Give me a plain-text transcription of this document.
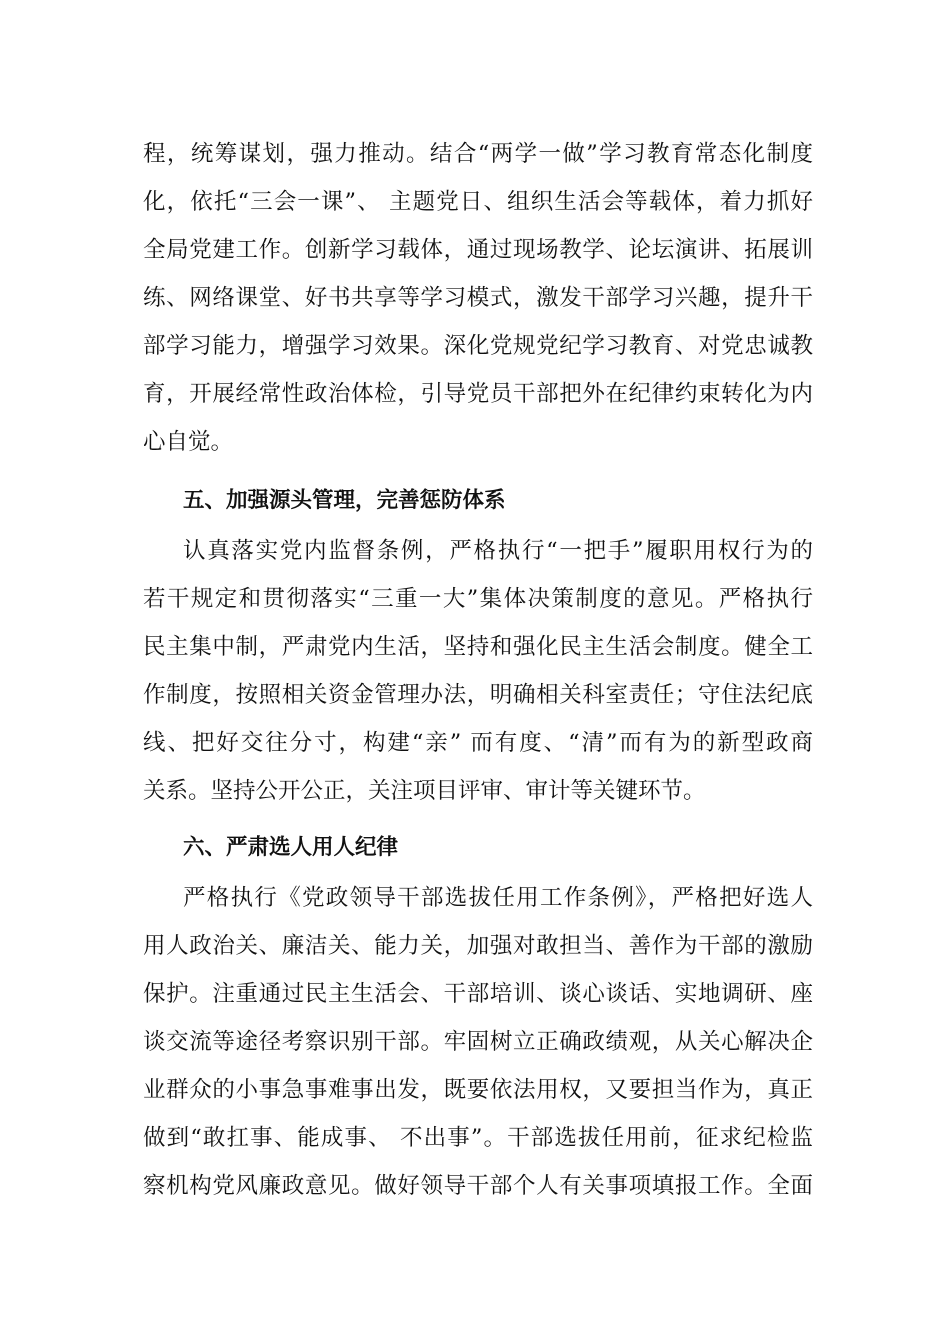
程，统筹谋划，强力推动。结合“两学一做”学习教育常态化制度
化，依托“三会一课”、 主题党日、组织生活会等载体，着力抓好
全局党建工作。创新学习载体，通过现场教学、论坛演讲、拓展训
练、网络课堂、好书共享等学习模式，激发干部学习兴趣，提升干
部学习能力，增强学习效果。深化党规党纪学习教育、对党忠诚教
育，开展经常性政治体检，引导党员干部把外在纪律约束转化为内
心自觉。
五、加强源头管理，完善惩防体系
认真落实党内监督条例，严格执行“一把手”履职用权行为的
若干规定和贯彻落实“三重一大”集体决策制度的意见。严格执行
民主集中制，严肃党内生活，坚持和强化民主生活会制度。健全工
作制度，按照相关资金管理办法，明确相关科室责任；守住法纪底
线、把好交往分寸，构建“亲” 而有度、“清”而有为的新型政商
关系。坚持公开公正，关注项目评审、审计等关键环节。
六、严肃选人用人纪律
严格执行《党政领导干部选拔任用工作条例》，严格把好选人
用人政治关、廉洁关、能力关，加强对敢担当、善作为干部的激励
保护。注重通过民主生活会、干部培训、谈心谈话、实地调研、座
谈交流等途径考察识别干部。牢固树立正确政绩观，从关心解决企
业群众的小事急事难事出发，既要依法用权，又要担当作为，真正
做到“敢扛事、能成事、 不出事”。干部选拔任用前，征求纪检监
察机构党风廉政意见。做好领导干部个人有关事项填报工作。全面
